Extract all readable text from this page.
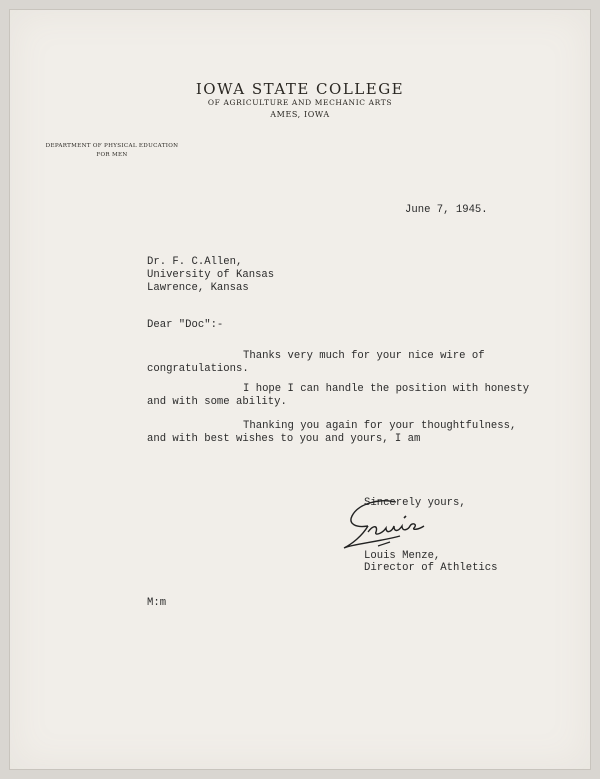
IOWA STATE COLLEGE
OF AGRICULTURE AND MECHANIC ARTS
AMES, IOWA
DEPARTMENT OF PHYSICAL EDUCATION
FOR MEN
June 7, 1945.
Dr. F. C.Allen,
University of Kansas
Lawrence, Kansas
Dear "Doc":-
Thanks very much for your nice wire of
congratulations.
I hope I can handle the position with honesty
and with some ability.
Thanking you again for your thoughtfulness,
and with best wishes to you and yours, I am
Sincerely yours,
Louis Menze,
Director of Athletics
M:m
